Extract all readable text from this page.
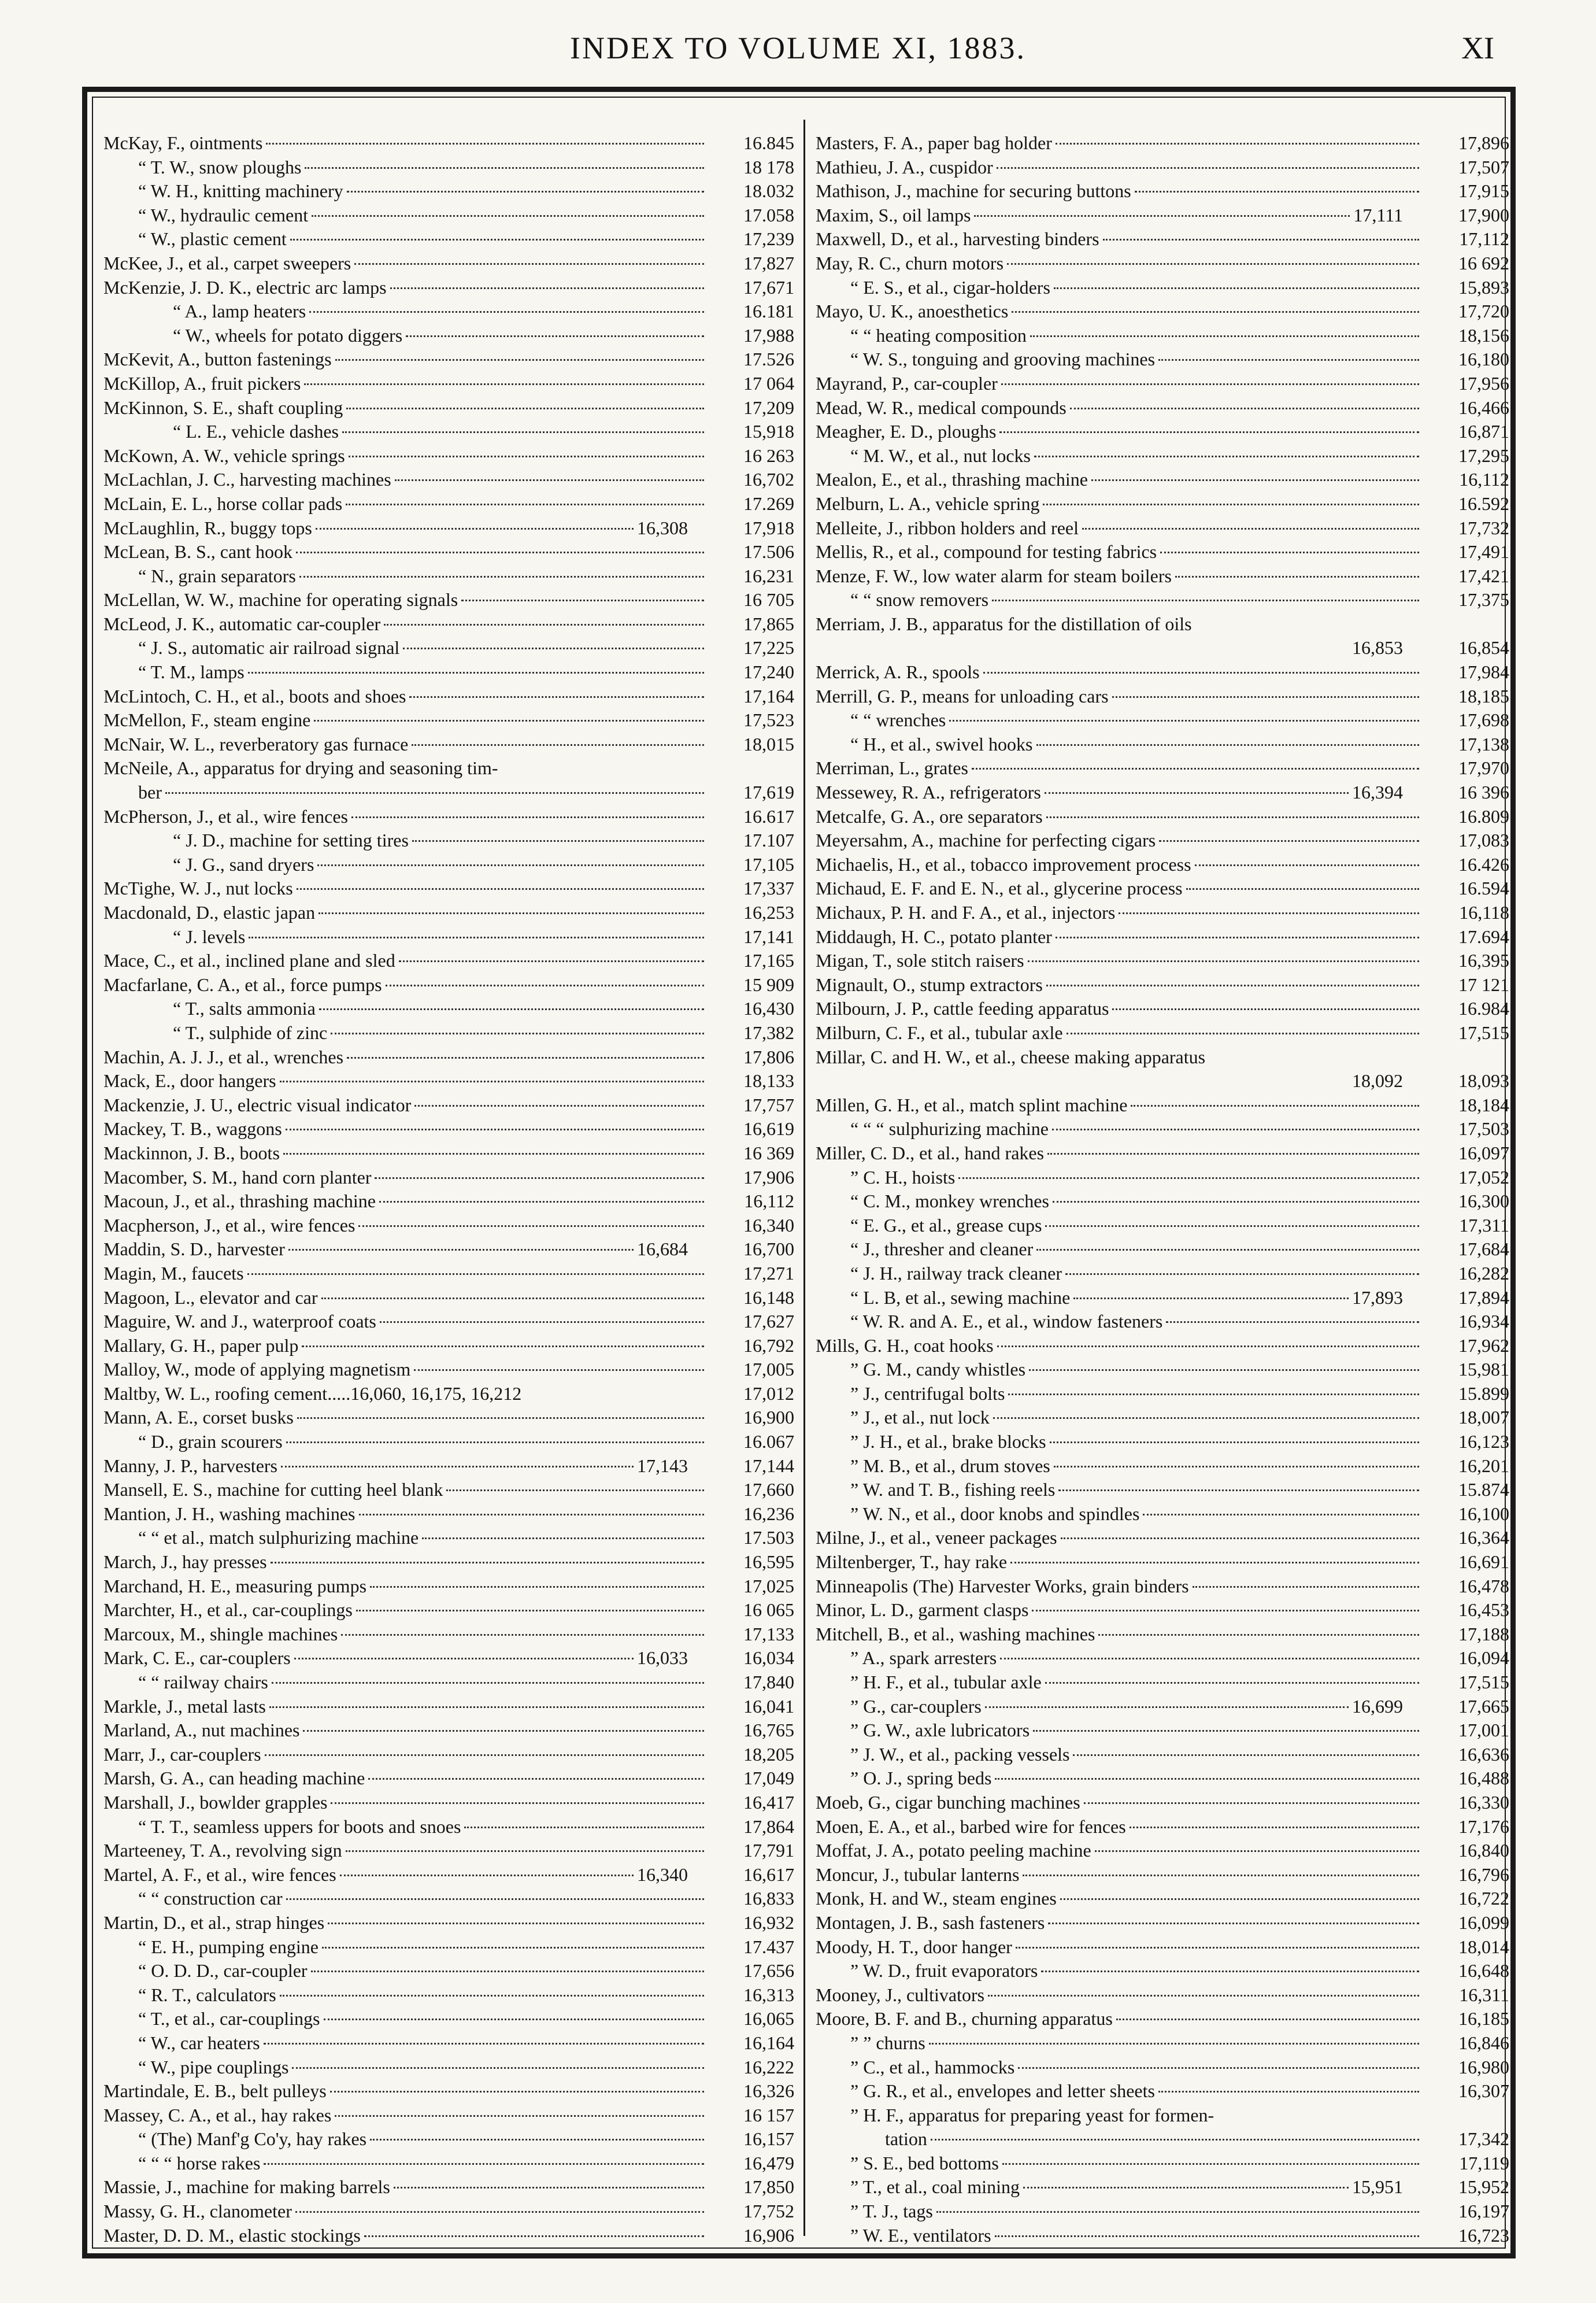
INDEX TO VOLUME XI, 1883.	XI
McKay, F., ointments	16.845
“ T. W., snow ploughs	18 178
“ W. H., knitting machinery	18.032
“ W., hydraulic cement	17.058
“ W., plastic cement	17,239
McKee, J., et al., carpet sweepers	17,827
McKenzie, J. D. K., electric arc lamps	17,671
“ A., lamp heaters	16.181
“ W., wheels for potato diggers	17,988
McKevit, A., button fastenings	17.526
McKillop, A., fruit pickers	17 064
McKinnon, S. E., shaft coupling	17,209
“ L. E., vehicle dashes	15,918
McKown, A. W., vehicle springs	16 263
McLachlan, J. C., harvesting machines	16,702
McLain, E. L., horse collar pads	17.269
McLaughlin, R., buggy tops	16,308	17,918
McLean, B. S., cant hook	17.506
“ N., grain separators	16,231
McLellan, W. W., machine for operating signals	16 705
McLeod, J. K., automatic car-coupler	17,865
“ J. S., automatic air railroad signal	17,225
“ T. M., lamps	17,240
McLintoch, C. H., et al., boots and shoes	17,164
McMellon, F., steam engine	17,523
McNair, W. L., reverberatory gas furnace	18,015
McNeile, A., apparatus for drying and seasoning tim-
ber	17,619
McPherson, J., et al., wire fences	16.617
“ J. D., machine for setting tires	17.107
“ J. G., sand dryers	17,105
McTighe, W. J., nut locks	17,337
Macdonald, D., elastic japan	16,253
“ J. levels	17,141
Mace, C., et al., inclined plane and sled	17,165
Macfarlane, C. A., et al., force pumps	15 909
“ T., salts ammonia	16,430
“ T., sulphide of zinc	17,382
Machin, A. J. J., et al., wrenches	17,806
Mack, E., door hangers	18,133
Mackenzie, J. U., electric visual indicator	17,757
Mackey, T. B., waggons	16,619
Mackinnon, J. B., boots	16 369
Macomber, S. M., hand corn planter	17,906
Macoun, J., et al., thrashing machine	16,112
Macpherson, J., et al., wire fences	16,340
Maddin, S. D., harvester	16,684	16,700
Magin, M., faucets	17,271
Magoon, L., elevator and car	16,148
Maguire, W. and J., waterproof coats	17,627
Mallary, G. H., paper pulp	16,792
Malloy, W., mode of applying magnetism	17,005
Maltby, W. L., roofing cement.....16,060, 16,175, 16,212	17,012
Mann, A. E., corset busks	16,900
“ D., grain scourers	16.067
Manny, J. P., harvesters	17,143	17,144
Mansell, E. S., machine for cutting heel blank	17,660
Mantion, J. H., washing machines	16,236
“ “ et al., match sulphurizing machine	17.503
March, J., hay presses	16,595
Marchand, H. E., measuring pumps	17,025
Marchter, H., et al., car-couplings	16 065
Marcoux, M., shingle machines	17,133
Mark, C. E., car-couplers	16,033	16,034
“ “ railway chairs	17,840
Markle, J., metal lasts	16,041
Marland, A., nut machines	16,765
Marr, J., car-couplers	18,205
Marsh, G. A., can heading machine	17,049
Marshall, J., bowlder grapples	16,417
“ T. T., seamless uppers for boots and snoes	17,864
Marteeney, T. A., revolving sign	17,791
Martel, A. F., et al., wire fences	16,340	16,617
“ “ construction car	16,833
Martin, D., et al., strap hinges	16,932
“ E. H., pumping engine	17.437
“ O. D. D., car-coupler	17,656
“ R. T., calculators	16,313
“ T., et al., car-couplings	16,065
“ W., car heaters	16,164
“ W., pipe couplings	16,222
Martindale, E. B., belt pulleys	16,326
Massey, C. A., et al., hay rakes	16 157
“ (The) Manf'g Co'y, hay rakes	16,157
“ “ “ horse rakes	16,479
Massie, J., machine for making barrels	17,850
Massy, G. H., clanometer	17,752
Master, D. D. M., elastic stockings	16,906
Masters, F. A., paper bag holder	17,896
Mathieu, J. A., cuspidor	17,507
Mathison, J., machine for securing buttons	17,915
Maxim, S., oil lamps	17,111	17,900
Maxwell, D., et al., harvesting binders	17,112
May, R. C., churn motors	16 692
“ E. S., et al., cigar-holders	15,893
Mayo, U. K., anoesthetics	17,720
“ “ heating composition	18,156
“ W. S., tonguing and grooving machines	16,180
Mayrand, P., car-coupler	17,956
Mead, W. R., medical compounds	16,466
Meagher, E. D., ploughs	16,871
“ M. W., et al., nut locks	17,295
Mealon, E., et al., thrashing machine	16,112
Melburn, L. A., vehicle spring	16.592
Melleite, J., ribbon holders and reel	17,732
Mellis, R., et al., compound for testing fabrics	17,491
Menze, F. W., low water alarm for steam boilers	17,421
“ “ snow removers	17,375
Merriam, J. B., apparatus for the distillation of oils
16,853	16,854
Merrick, A. R., spools	17,984
Merrill, G. P., means for unloading cars	18,185
“ “ wrenches	17,698
“ H., et al., swivel hooks	17,138
Merriman, L., grates	17,970
Messewey, R. A., refrigerators	16,394	16 396
Metcalfe, G. A., ore separators	16.809
Meyersahm, A., machine for perfecting cigars	17,083
Michaelis, H., et al., tobacco improvement process	16.426
Michaud, E. F. and E. N., et al., glycerine process	16.594
Michaux, P. H. and F. A., et al., injectors	16,118
Middaugh, H. C., potato planter	17.694
Migan, T., sole stitch raisers	16,395
Mignault, O., stump extractors	17 121
Milbourn, J. P., cattle feeding apparatus	16.984
Milburn, C. F., et al., tubular axle	17,515
Millar, C. and H. W., et al., cheese making apparatus
18,092	18,093
Millen, G. H., et al., match splint machine	18,184
“ “ “ sulphurizing machine	17,503
Miller, C. D., et al., hand rakes	16,097
” C. H., hoists	17,052
“ C. M., monkey wrenches	16,300
“ E. G., et al., grease cups	17,311
“ J., thresher and cleaner	17,684
“ J. H., railway track cleaner	16,282
“ L. B, et al., sewing machine	17,893	17,894
“ W. R. and A. E., et al., window fasteners	16,934
Mills, G. H., coat hooks	17,962
” G. M., candy whistles	15,981
” J., centrifugal bolts	15.899
” J., et al., nut lock	18,007
” J. H., et al., brake blocks	16,123
” M. B., et al., drum stoves	16,201
” W. and T. B., fishing reels	15.874
” W. N., et al., door knobs and spindles	16,100
Milne, J., et al., veneer packages	16,364
Miltenberger, T., hay rake	16,691
Minneapolis (The) Harvester Works, grain binders	16,478
Minor, L. D., garment clasps	16,453
Mitchell, B., et al., washing machines	17,188
” A., spark arresters	16,094
” H. F., et al., tubular axle	17,515
” G., car-couplers	16,699	17,665
” G. W., axle lubricators	17,001
” J. W., et al., packing vessels	16,636
” O. J., spring beds	16,488
Moeb, G., cigar bunching machines	16,330
Moen, E. A., et al., barbed wire for fences	17,176
Moffat, J. A., potato peeling machine	16,840
Moncur, J., tubular lanterns	16,796
Monk, H. and W., steam engines	16,722
Montagen, J. B., sash fasteners	16,099
Moody, H. T., door hanger	18,014
” W. D., fruit evaporators	16,648
Mooney, J., cultivators	16,311
Moore, B. F. and B., churning apparatus	16,185
” ” churns	16,846
” C., et al., hammocks	16,980
” G. R., et al., envelopes and letter sheets	16,307
” H. F., apparatus for preparing yeast for formen-
tation	17,342
” S. E., bed bottoms	17,119
” T., et al., coal mining	15,951	15,952
” T. J., tags	16,197
” W. E., ventilators	16,723
